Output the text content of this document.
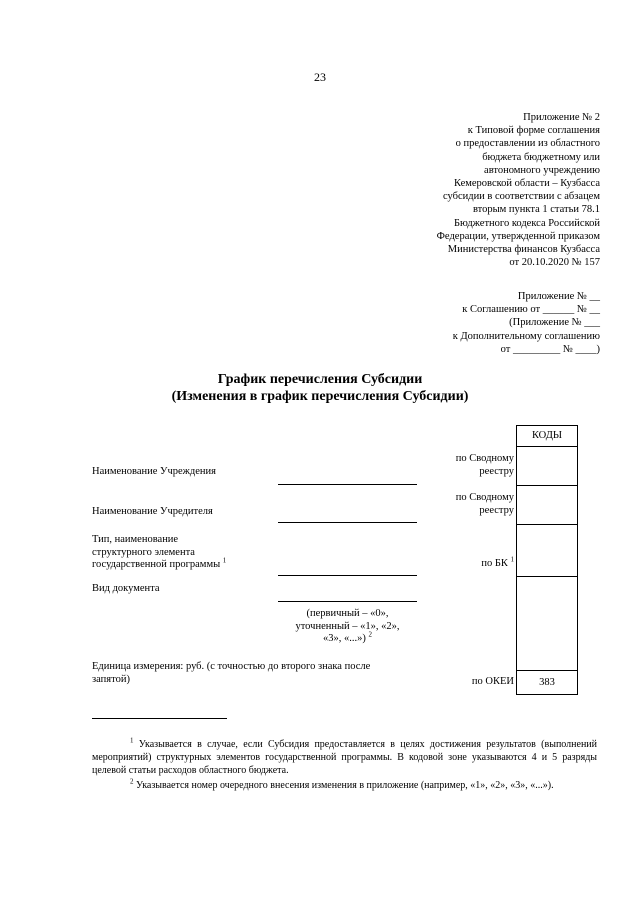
23
Приложение № 2
к Типовой форме соглашения
о предоставлении из областного
бюджета бюджетному или
автономного учреждению
Кемеровской области – Кузбасса
субсидии в соответствии с абзацем
вторым пункта 1 статьи 78.1
Бюджетного кодекса Российской
Федерации, утвержденной приказом
Министерства финансов Кузбасса
от 20.10.2020 № 157
Приложение № __
к Соглашению от ______ № __
(Приложение № ___
к Дополнительному соглашению
от _________ № ____)
График перечисления Субсидии
(Изменения в график перечисления Субсидии)
Наименование Учреждения
Наименование Учредителя
Тип, наименование
структурного элемента
государственной программы $^1$
Вид документа
(первичный – «0»,
уточненный – «1», «2»,
«3», «...») $^2$
Единица измерения: руб. (с точностью до второго знака после
запятой)
по Сводному
реестру
по Сводному
реестру
по БК $^1$
по ОКЕИ
КОДЫ
383
$^1$ Указывается в случае, если Субсидия предоставляется в целях достижения результатов (выполнений мероприятий) структурных элементов государственной программы. В кодовой зоне указываются 4 и 5 разряды целевой статьи расходов областного бюджета.
$^2$ Указывается номер очередного внесения изменения в приложение (например, «1», «2», «3», «...»).
